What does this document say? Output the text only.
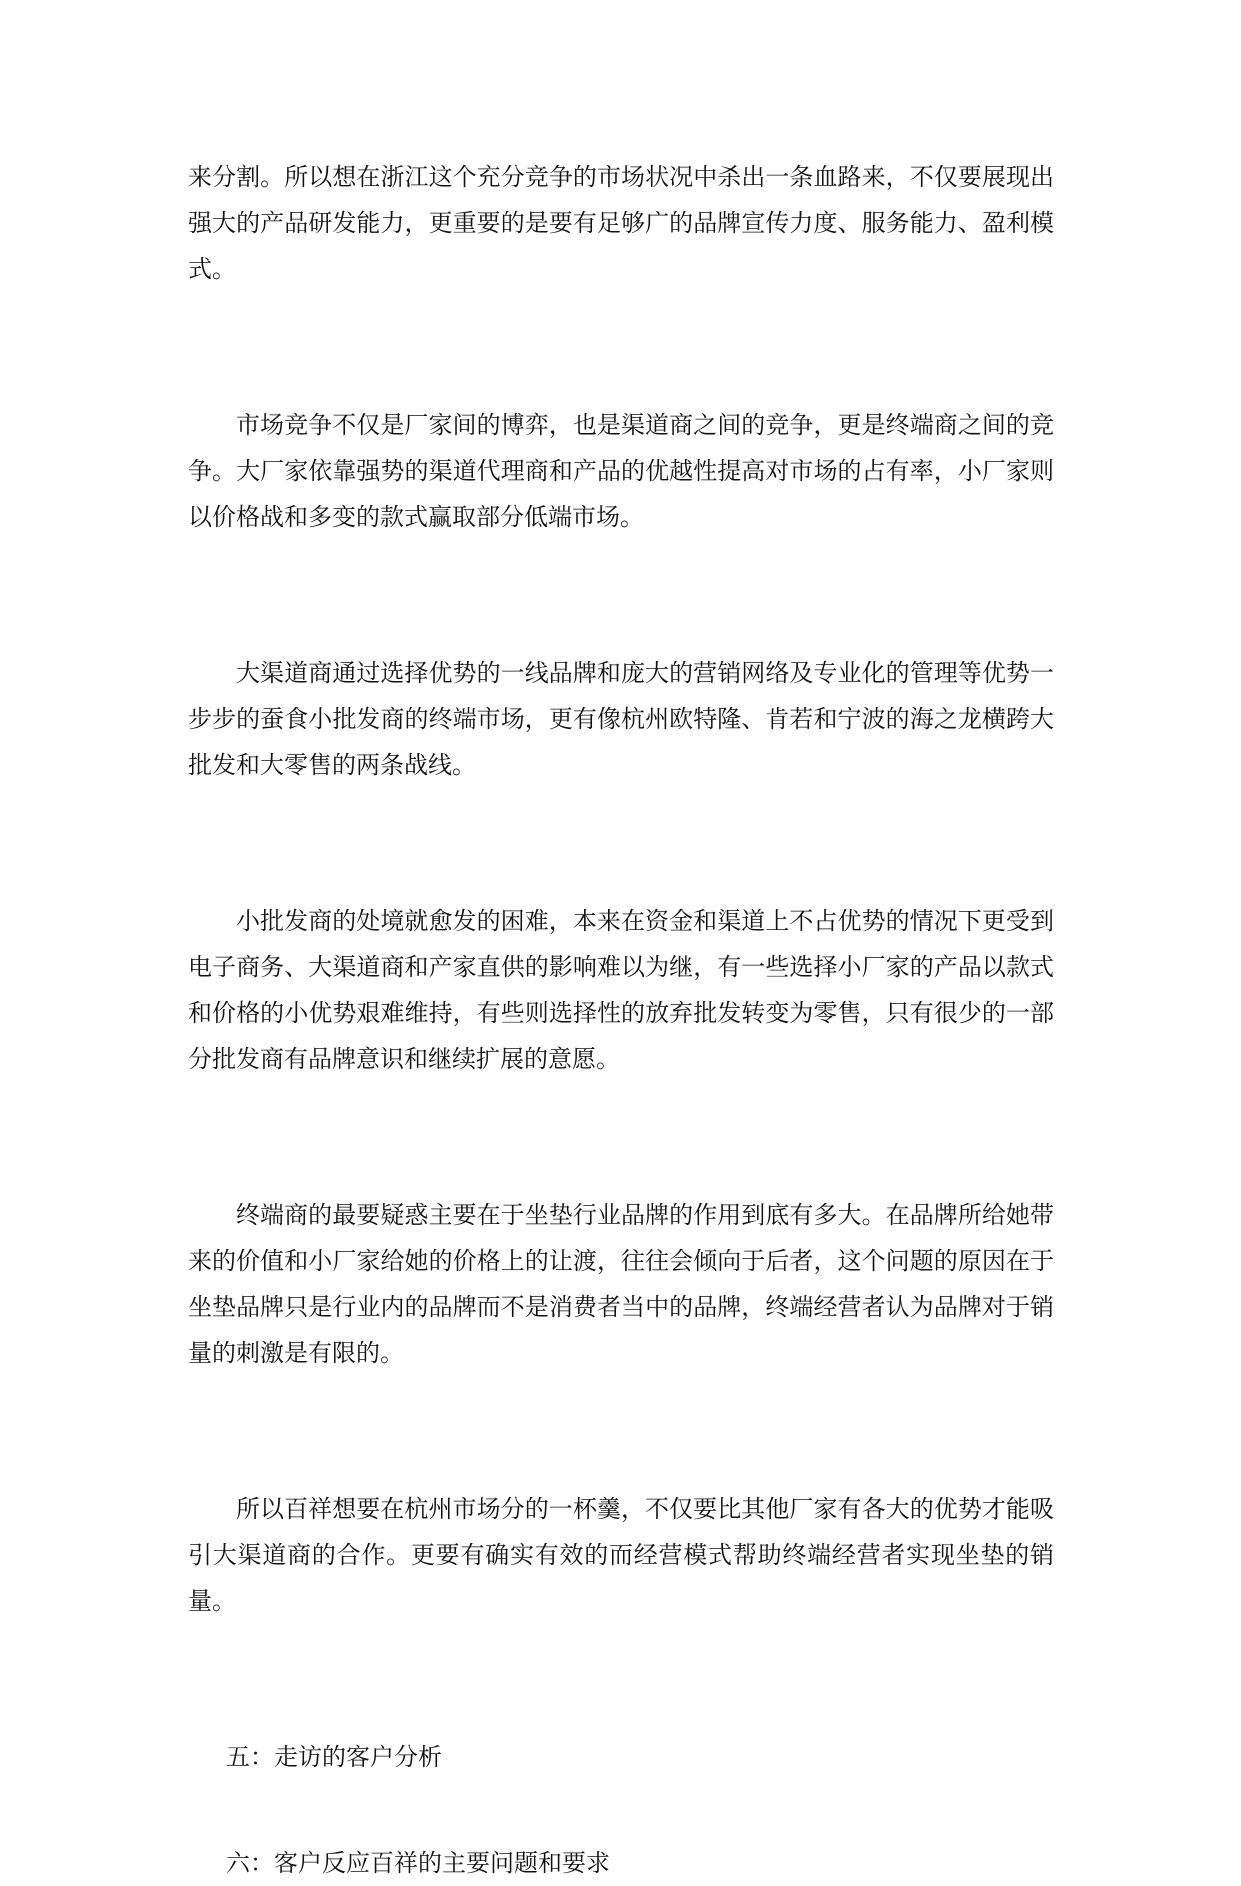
来分割。所以想在浙江这个充分竞争的市场状况中杀出一条血路来，不仅要展现出强大的产品研发能力，更重要的是要有足够广的品牌宣传力度、服务能力、盈利模式。

市场竞争不仅是厂家间的博弈，也是渠道商之间的竞争，更是终端商之间的竞争。大厂家依靠强势的渠道代理商和产品的优越性提高对市场的占有率，小厂家则以价格战和多变的款式赢取部分低端市场。

大渠道商通过选择优势的一线品牌和庞大的营销网络及专业化的管理等优势一步步的蚕食小批发商的终端市场，更有像杭州欧特隆、肯若和宁波的海之龙横跨大批发和大零售的两条战线。

小批发商的处境就愈发的困难，本来在资金和渠道上不占优势的情况下更受到电子商务、大渠道商和产家直供的影响难以为继，有一些选择小厂家的产品以款式和价格的小优势艰难维持，有些则选择性的放弃批发转变为零售，只有很少的一部分批发商有品牌意识和继续扩展的意愿。

终端商的最要疑惑主要在于坐垫行业品牌的作用到底有多大。在品牌所给她带来的价值和小厂家给她的价格上的让渡，往往会倾向于后者，这个问题的原因在于坐垫品牌只是行业内的品牌而不是消费者当中的品牌，终端经营者认为品牌对于销量的刺激是有限的。

所以百祥想要在杭州市场分的一杯羹，不仅要比其他厂家有各大的优势才能吸引大渠道商的合作。更要有确实有效的而经营模式帮助终端经营者实现坐垫的销量。

五：走访的客户分析

六：客户反应百祥的主要问题和要求
